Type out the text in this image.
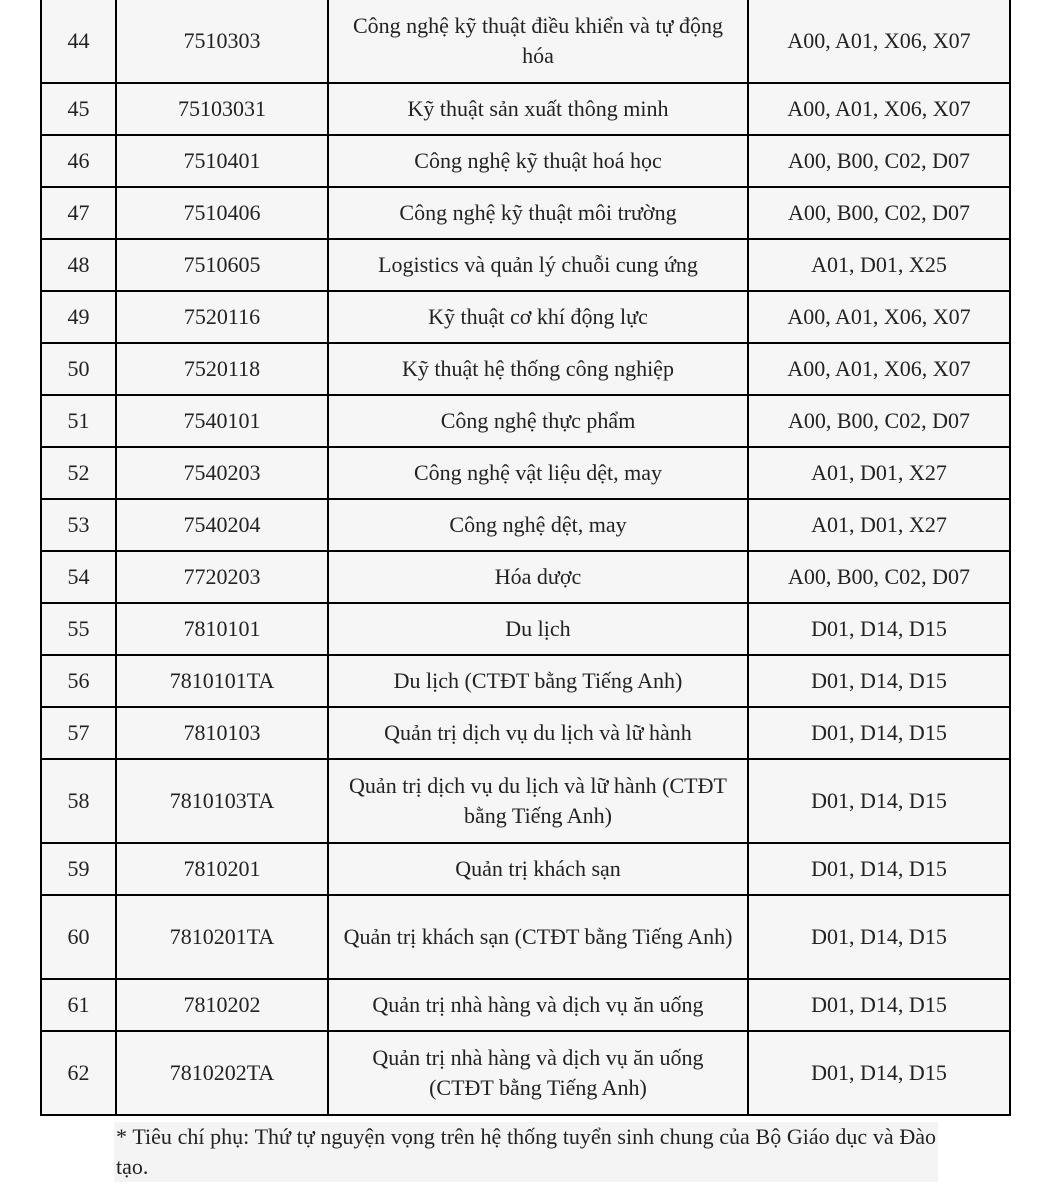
44	7510303	Công nghệ kỹ thuật điều khiển và tự động hóa	A00, A01, X06, X07
45	75103031	Kỹ thuật sản xuất thông minh	A00, A01, X06, X07
46	7510401	Công nghệ kỹ thuật hoá học	A00, B00, C02, D07
47	7510406	Công nghệ kỹ thuật môi trường	A00, B00, C02, D07
48	7510605	Logistics và quản lý chuỗi cung ứng	A01, D01, X25
49	7520116	Kỹ thuật cơ khí động lực	A00, A01, X06, X07
50	7520118	Kỹ thuật hệ thống công nghiệp	A00, A01, X06, X07
51	7540101	Công nghệ thực phẩm	A00, B00, C02, D07
52	7540203	Công nghệ vật liệu dệt, may	A01, D01, X27
53	7540204	Công nghệ dệt, may	A01, D01, X27
54	7720203	Hóa dược	A00, B00, C02, D07
55	7810101	Du lịch	D01, D14, D15
56	7810101TA	Du lịch (CTĐT bằng Tiếng Anh)	D01, D14, D15
57	7810103	Quản trị dịch vụ du lịch và lữ hành	D01, D14, D15
58	7810103TA	Quản trị dịch vụ du lịch và lữ hành (CTĐT bằng Tiếng Anh)	D01, D14, D15
59	7810201	Quản trị khách sạn	D01, D14, D15
60	7810201TA	Quản trị khách sạn (CTĐT bằng Tiếng Anh)	D01, D14, D15
61	7810202	Quản trị nhà hàng và dịch vụ ăn uống	D01, D14, D15
62	7810202TA	Quản trị nhà hàng và dịch vụ ăn uống (CTĐT bằng Tiếng Anh)	D01, D14, D15
* Tiêu chí phụ: Thứ tự nguyện vọng trên hệ thống tuyển sinh chung của Bộ Giáo dục và Đào tạo.
